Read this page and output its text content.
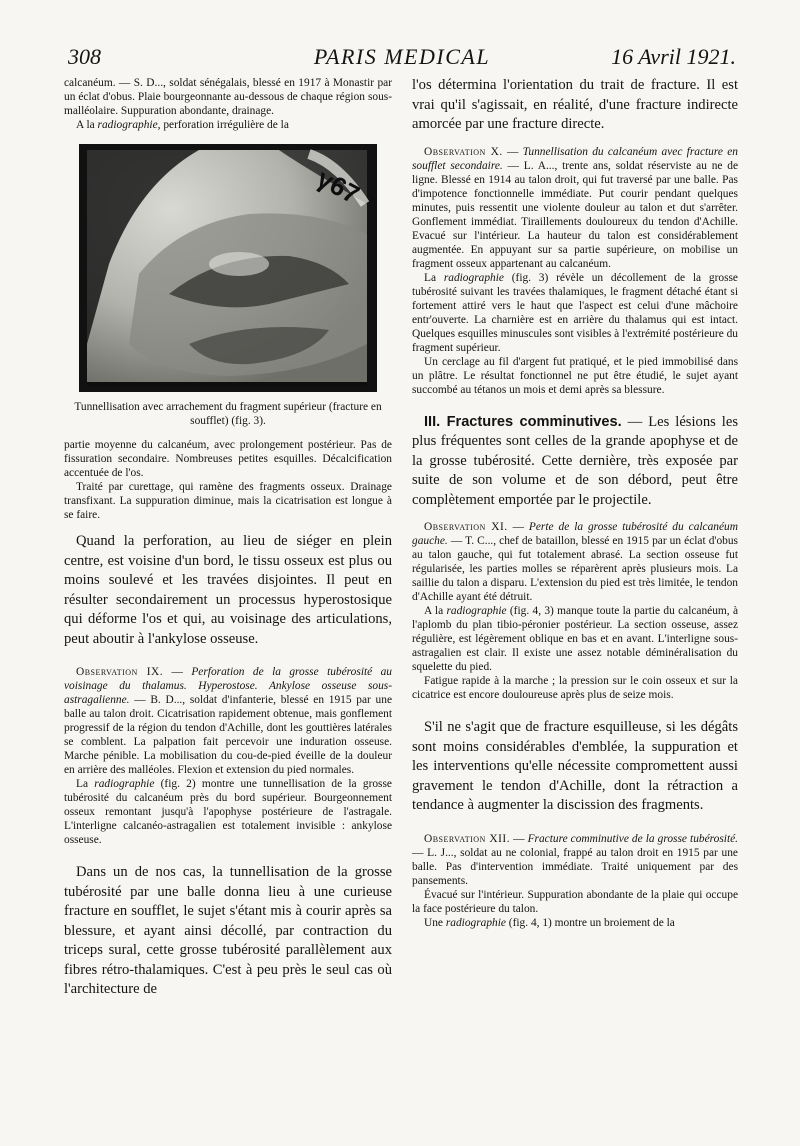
308	PARIS MEDICAL	16 Avril 1921.

calcanéum. — S. D..., soldat sénégalais, blessé en 1917 à Monastir par un éclat d'obus. Plaie bourgeonnante au-dessous de chaque région sous-malléolaire. Suppuration abondante, drainage.

A la radiographie, perforation irrégulière de la

γ67

Tunnellisation avec arrachement du fragment supérieur (fracture en soufflet) (fig. 3).

partie moyenne du calcanéum, avec prolongement postérieur. Pas de fissuration secondaire. Nombreuses petites esquilles. Décalcification accentuée de l'os.

Traité par curettage, qui ramène des fragments osseux. Drainage transfixant. La suppuration diminue, mais la cicatrisation est longue à se faire.

Quand la perforation, au lieu de siéger en plein centre, est voisine d'un bord, le tissu osseux est plus ou moins soulevé et les travées disjointes. Il peut en résulter secondairement un processus hyperostosique qui déforme l'os et qui, au voisinage des articulations, peut aboutir à l'ankylose osseuse.

Observation IX. — Perforation de la grosse tubérosité au voisinage du thalamus. Hyperostose. Ankylose osseuse sous-astragalienne. — B. D..., soldat d'infanterie, blessé en 1915 par une balle au talon droit. Cicatrisation rapidement obtenue, mais gonflement progressif de la région du tendon d'Achille, dont les gouttières latérales se comblent. La palpation fait percevoir une induration osseuse. Marche pénible. La mobilisation du cou-de-pied éveille de la douleur en arrière des malléoles. Flexion et extension du pied normales.

La radiographie (fig. 2) montre une tunnellisation de la grosse tubérosité du calcanéum près du bord supérieur. Bourgeonnement osseux remontant jusqu'à l'apophyse postérieure de l'astragale. L'interligne calcanéo-astragalien est totalement invisible : ankylose osseuse.

Dans un de nos cas, la tunnellisation de la grosse tubérosité par une balle donna lieu à une curieuse fracture en soufflet, le sujet s'étant mis à courir après sa blessure, et ayant ainsi décollé, par contraction du triceps sural, cette grosse tubérosité parallèlement aux fibres rétro-thalamiques. C'est à peu près le seul cas où l'architecture de

l'os détermina l'orientation du trait de fracture. Il est vrai qu'il s'agissait, en réalité, d'une fracture indirecte amorcée par une fracture directe.

Observation X. — Tunnellisation du calcanéum avec fracture en soufflet secondaire. — L. A..., trente ans, soldat réserviste au ne de ligne. Blessé en 1914 au talon droit, qui fut traversé par une balle. Pas d'impotence fonctionnelle immédiate. Put courir pendant quelques minutes, puis ressentit une violente douleur au talon et dut s'arrêter. Gonflement immédiat. Tiraillements douloureux du tendon d'Achille. Evacué sur l'intérieur. La hauteur du talon est considérablement augmentée. En appuyant sur sa partie supérieure, on mobilise un fragment osseux appartenant au calcanéum.

La radiographie (fig. 3) révèle un décollement de la grosse tubérosité suivant les travées thalamiques, le fragment détaché étant si fortement attiré vers le haut que l'aspect est celui d'une mâchoire entr'ouverte. La charnière est en arrière du thalamus qui est intact. Quelques esquilles minuscules sont visibles à l'extrémité postérieure du fragment supérieur.

Un cerclage au fil d'argent fut pratiqué, et le pied immobilisé dans un plâtre. Le résultat fonctionnel ne put être étudié, le sujet ayant succombé au tétanos un mois et demi après sa blessure.

III. Fractures comminutives. — Les lésions les plus fréquentes sont celles de la grande apophyse et de la grosse tubérosité. Cette dernière, très exposée par suite de son volume et de son débord, peut être complètement emportée par le projectile.

Observation XI. — Perte de la grosse tubérosité du calcanéum gauche. — T. C..., chef de bataillon, blessé en 1915 par un éclat d'obus au talon gauche, qui fut totalement abrasé. La section osseuse fut régularisée, les parties molles se réparèrent après plusieurs mois. La saillie du talon a disparu. L'extension du pied est très limitée, le tendon d'Achille ayant été détruit.

A la radiographie (fig. 4, 3) manque toute la partie du calcanéum, à l'aplomb du plan tibio-péronier postérieur. La section osseuse, assez régulière, est légèrement oblique en bas et en avant. L'interligne sous-astragalien est clair. Il existe une assez notable déminéralisation du squelette du pied.

Fatigue rapide à la marche ; la pression sur le coin osseux et sur la cicatrice est encore douloureuse après plus de seize mois.

S'il ne s'agit que de fracture esquilleuse, si les dégâts sont moins considérables d'emblée, la suppuration et les interventions qu'elle nécessite compromettent aussi gravement le tendon d'Achille, dont la rétraction a tendance à augmenter la discission des fragments.

Observation XII. — Fracture comminutive de la grosse tubérosité. — L. J..., soldat au ne colonial, frappé au talon droit en 1915 par une balle. Pas d'intervention immédiate. Traité uniquement par des pansements.

Évacué sur l'intérieur. Suppuration abondante de la plaie qui occupe la face postérieure du talon.

Une radiographie (fig. 4, 1) montre un broiement de la
